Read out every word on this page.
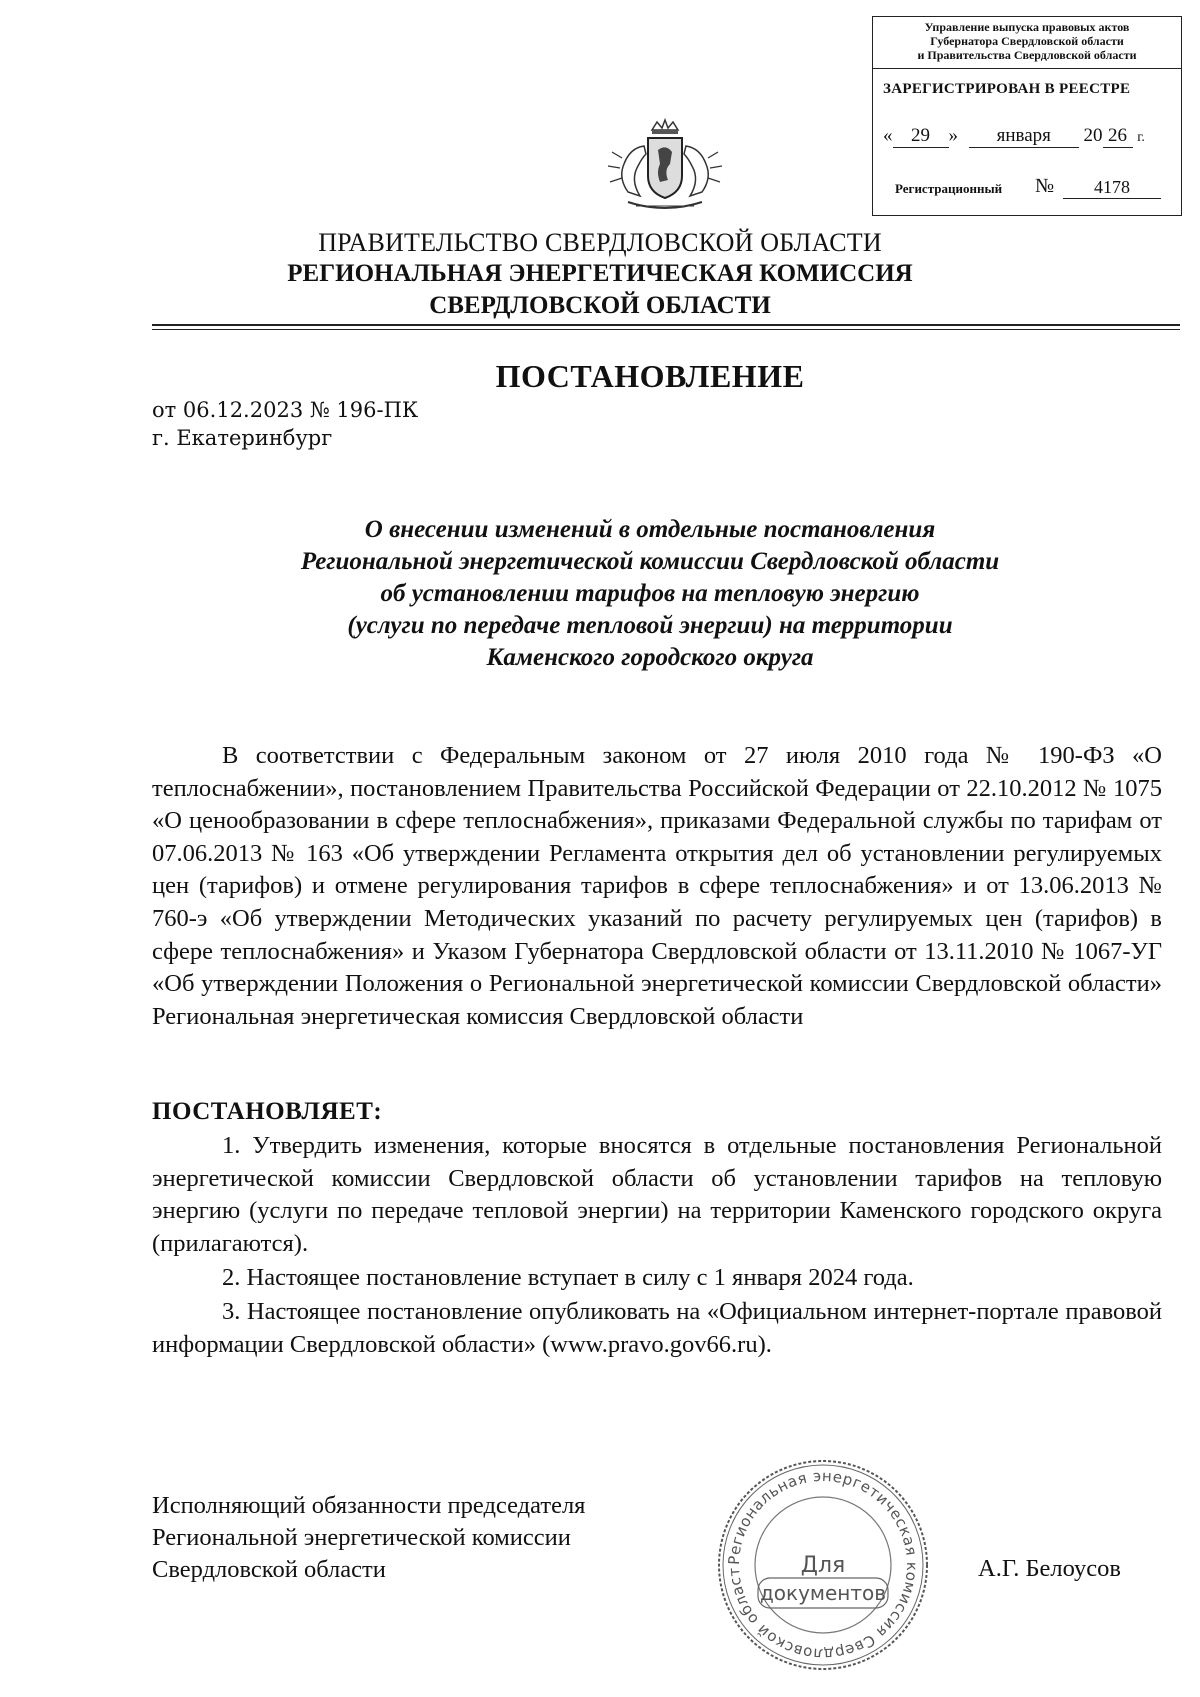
Управление выпуска правовых актов
Губернатора Свердловской области
и Правительства Свердловской области
ЗАРЕГИСТРИРОВАН В РЕЕСТРЕ
« 29 » января 20 26 г.
Регистрационный №	4178
ПРАВИТЕЛЬСТВО СВЕРДЛОВСКОЙ ОБЛАСТИ
РЕГИОНАЛЬНАЯ ЭНЕРГЕТИЧЕСКАЯ КОМИССИЯ
СВЕРДЛОВСКОЙ ОБЛАСТИ
ПОСТАНОВЛЕНИЕ
от 06.12.2023 № 196-ПК
г. Екатеринбург
О внесении изменений в отдельные постановления
Региональной энергетической комиссии Свердловской области
об установлении тарифов на тепловую энергию
(услуги по передаче тепловой энергии) на территории
Каменского городского округа
В соответствии с Федеральным законом от 27 июля 2010 года № 190-ФЗ «О теплоснабжении», постановлением Правительства Российской Федерации от 22.10.2012 № 1075 «О ценообразовании в сфере теплоснабжения», приказами Федеральной службы по тарифам от 07.06.2013 № 163 «Об утверждении Регламента открытия дел об установлении регулируемых цен (тарифов) и отмене регулирования тарифов в сфере теплоснабжения» и от 13.06.2013 № 760-э «Об утверждении Методических указаний по расчету регулируемых цен (тарифов) в сфере теплоснабжения» и Указом Губернатора Свердловской области от 13.11.2010 № 1067-УГ «Об утверждении Положения о Региональной энергетической комиссии Свердловской области» Региональная энергетическая комиссия Свердловской области
ПОСТАНОВЛЯЕТ:
1. Утвердить изменения, которые вносятся в отдельные постановления Региональной энергетической комиссии Свердловской области об установлении тарифов на тепловую энергию (услуги по передаче тепловой энергии) на территории Каменского городского округа (прилагаются).
2. Настоящее постановление вступает в силу с 1 января 2024 года.
3. Настоящее постановление опубликовать на «Официальном интернет-портале правовой информации Свердловской области» (www.pravo.gov66.ru).
Исполняющий обязанности председателя
Региональной энергетической комиссии
Свердловской области	А.Г. Белоусов
Региональная энергетическая комиссия Свердловской област	Для
документов
